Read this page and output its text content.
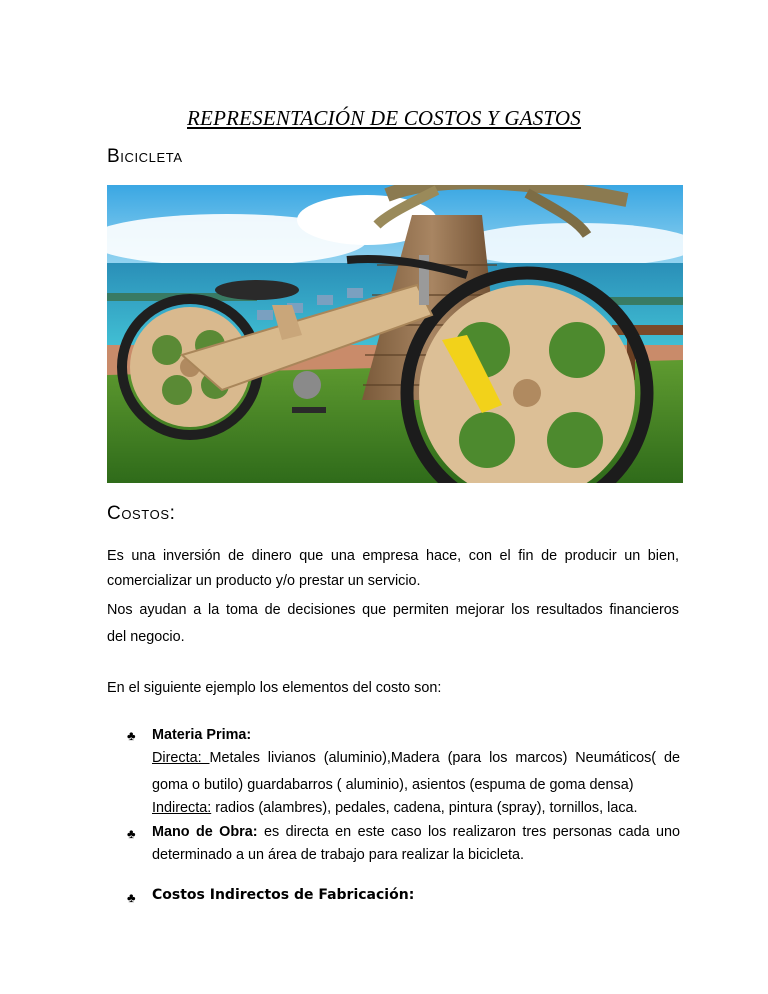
REPRESENTACIÓN DE COSTOS Y GASTOS
Bicicleta
Costos:
Es una inversión de dinero que una empresa hace, con el fin de producir un bien,
comercializar un producto y/o prestar un servicio.
Nos ayudan a la toma de decisiones que permiten mejorar los resultados financieros
del negocio.
En el siguiente ejemplo los elementos del costo son:
♣ Materia Prima:
Directa: Metales livianos (aluminio),Madera (para los marcos) Neumáticos( de
goma o butilo) guardabarros ( aluminio), asientos (espuma de goma densa)
Indirecta: radios (alambres), pedales, cadena, pintura (spray), tornillos, laca.
♣ Mano de Obra: es directa en este caso los realizaron tres personas cada uno
determinado a un área de trabajo para realizar la bicicleta.
♣ Costos Indirectos de Fabricación:
